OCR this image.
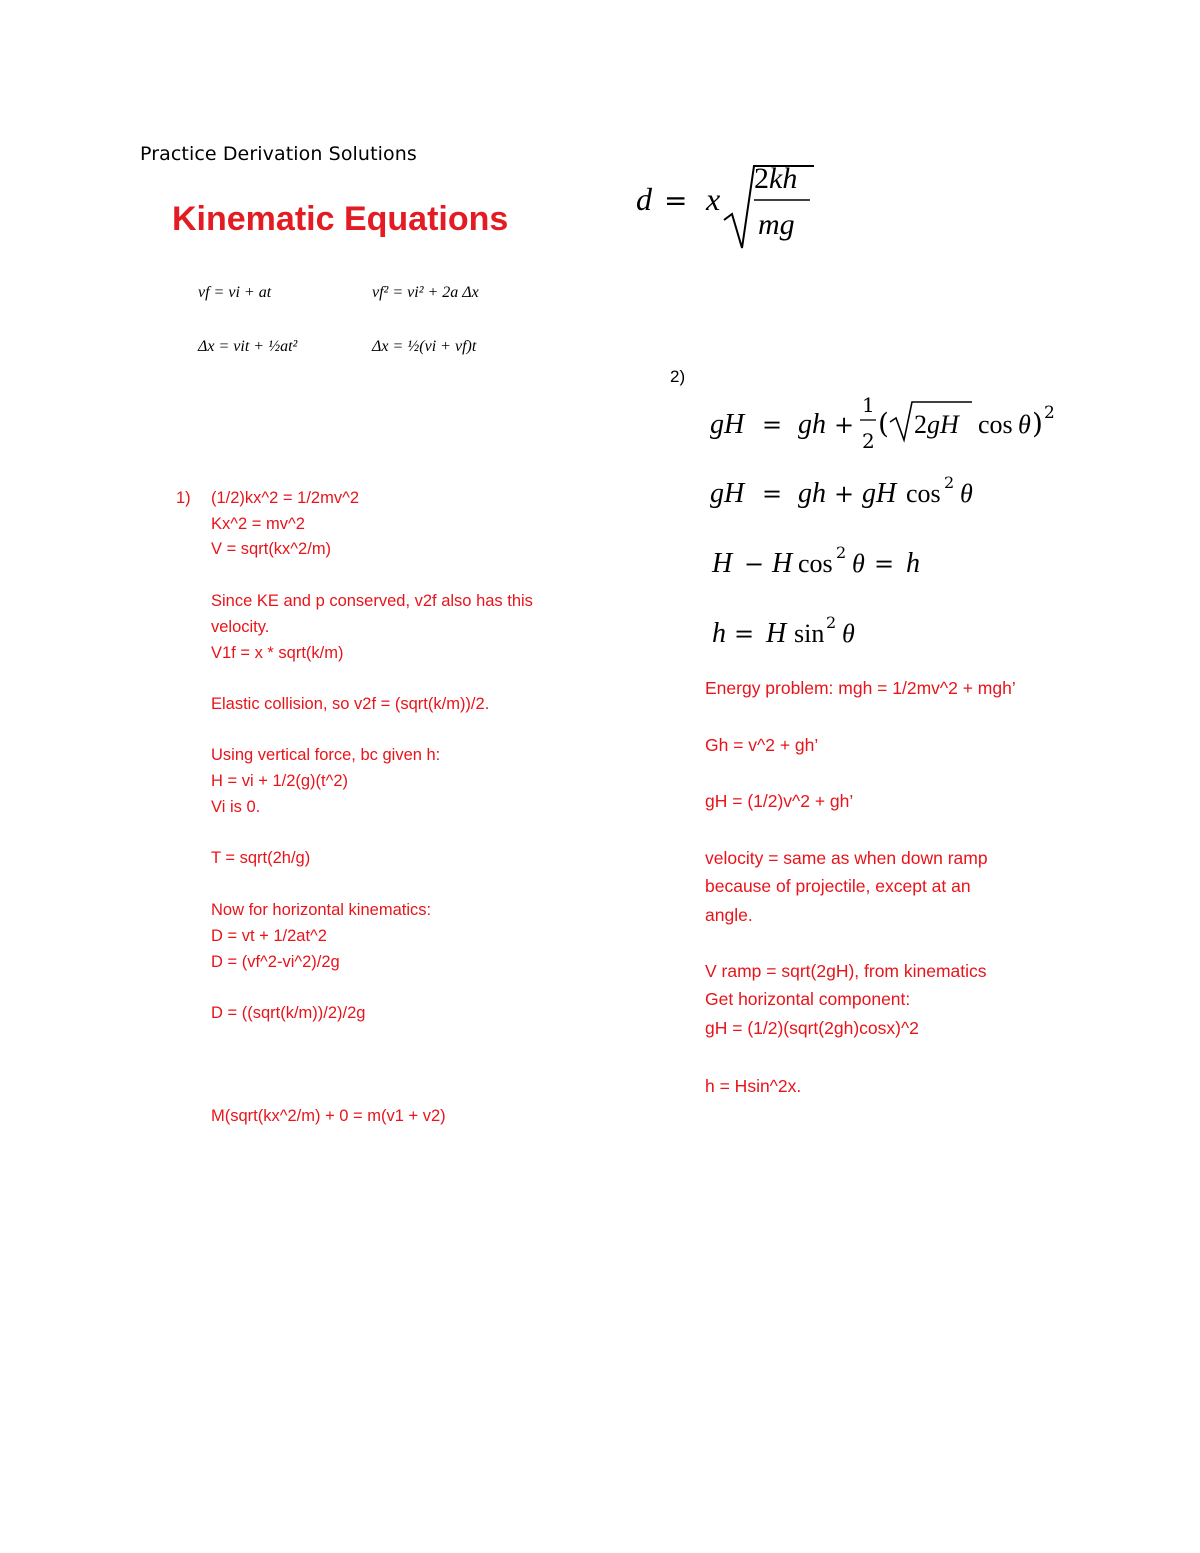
Practice Derivation Solutions
Kinematic Equations
vf = vi + at	vf² = vi² + 2a Δx
Δx = vit + ½at²	Δx = ½(vi + vf)t
d = x
2kh
mg
1) (1/2)kx^2 = 1/2mv^2
Kx^2 = mv^2
V = sqrt(kx^2/m)
Since KE and p conserved, v2f also has this
velocity.
V1f = x * sqrt(k/m)
Elastic collision, so v2f = (sqrt(k/m))/2.
Using vertical force, bc given h:
H = vi + 1/2(g)(t^2)
Vi is 0.
T = sqrt(2h/g)
Now for horizontal kinematics:
D = vt + 1/2at^2
D = (vf^2-vi^2)/2g
D = ((sqrt(k/m))/2)/2g
M(sqrt(kx^2/m) + 0 = m(v1 + v2)
2)
gH = gh +
1
2
( 2gH cos θ ) 2
gH = gh + gH cos 2 θ
H − H cos 2 θ = h
h = H sin 2 θ
Energy problem: mgh = 1/2mv^2 + mgh’
Gh = v^2 + gh’
gH = (1/2)v^2 + gh’
velocity = same as when down ramp
because of projectile, except at an
angle.
V ramp = sqrt(2gH), from kinematics
Get horizontal component:
gH = (1/2)(sqrt(2gh)cosx)^2
h = Hsin^2x.
